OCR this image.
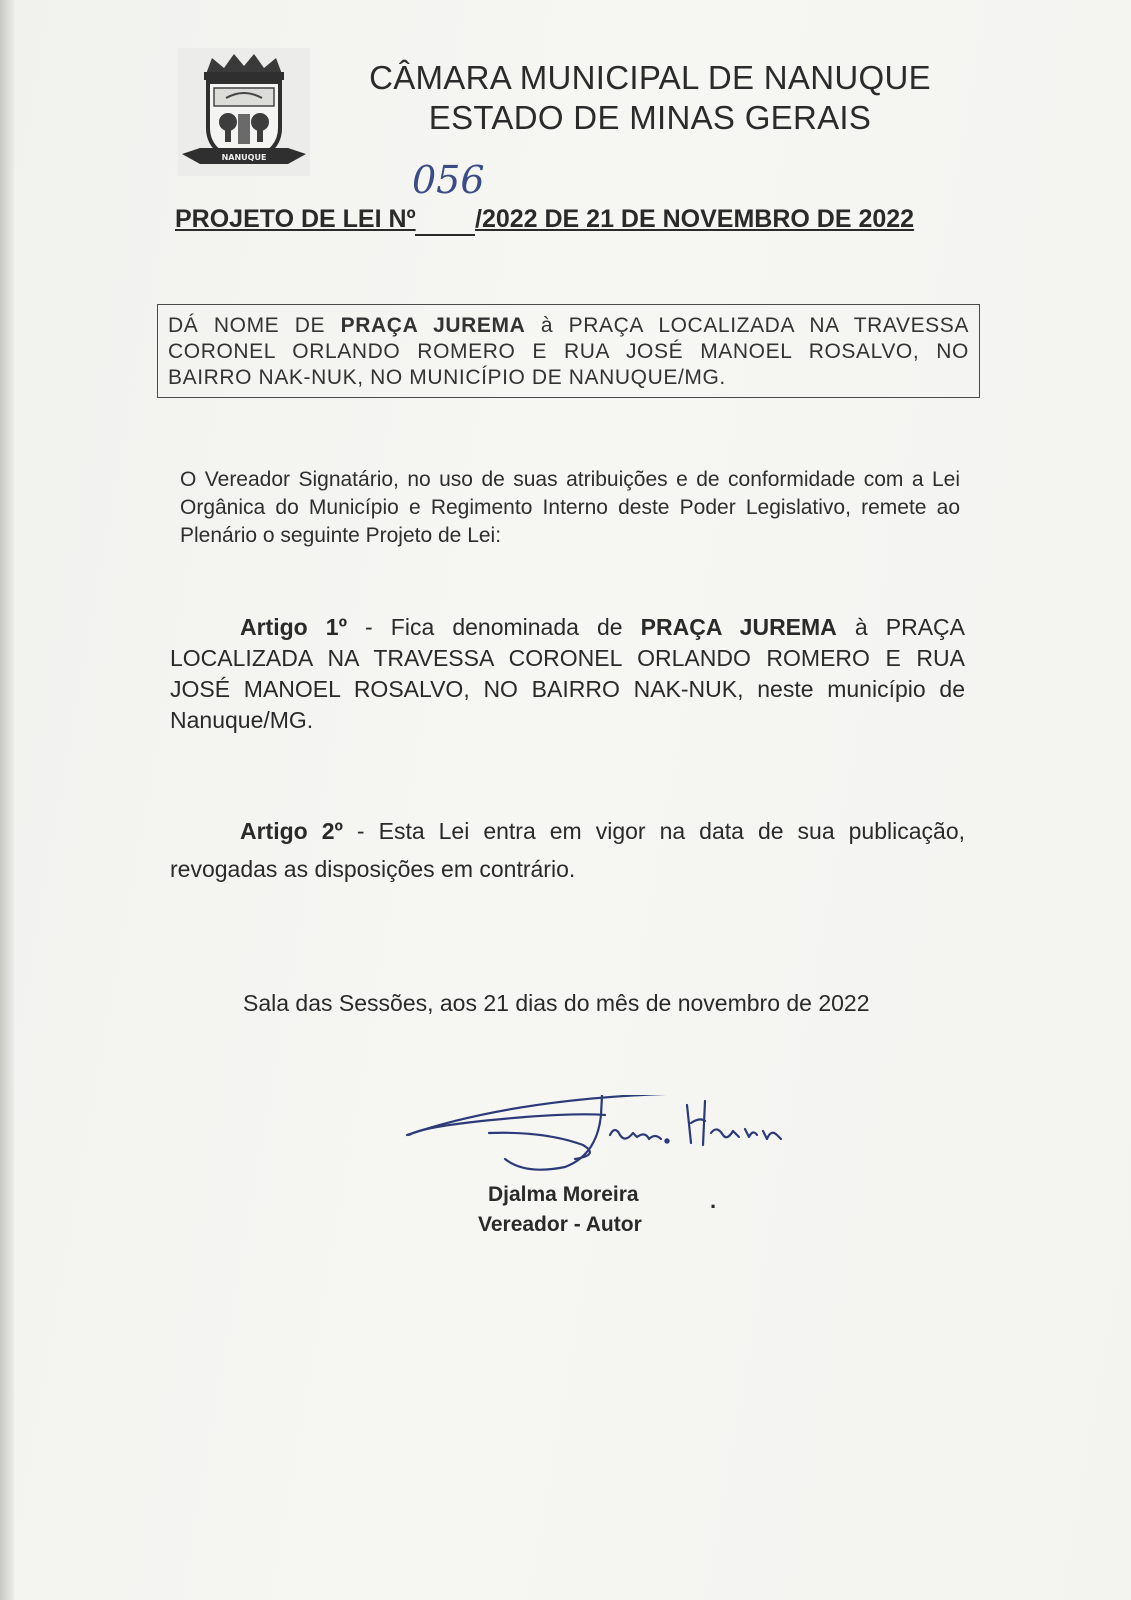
NANUQUE
CÂMARA MUNICIPAL DE NANUQUE
ESTADO DE MINAS GERAIS
056
PROJETO DE LEI Nº /2022 DE 21 DE NOVEMBRO DE 2022
DÁ NOME DE PRAÇA JUREMA à PRAÇA LOCALIZADA NA TRAVESSA CORONEL ORLANDO ROMERO E RUA JOSÉ MANOEL ROSALVO, NO BAIRRO NAK-NUK, NO MUNICÍPIO DE NANUQUE/MG.
O Vereador Signatário, no uso de suas atribuições e de conformidade com a Lei Orgânica do Município e Regimento Interno deste Poder Legislativo, remete ao Plenário o seguinte Projeto de Lei:
Artigo 1º - Fica denominada de PRAÇA JUREMA à PRAÇA LOCALIZADA NA TRAVESSA CORONEL ORLANDO ROMERO E RUA JOSÉ MANOEL ROSALVO, NO BAIRRO NAK-NUK, neste município de Nanuque/MG.
Artigo 2º - Esta Lei entra em vigor na data de sua publicação, revogadas as disposições em contrário.
Sala das Sessões, aos 21 dias do mês de novembro de 2022
Djalma Moreira
Vereador - Autor
.
